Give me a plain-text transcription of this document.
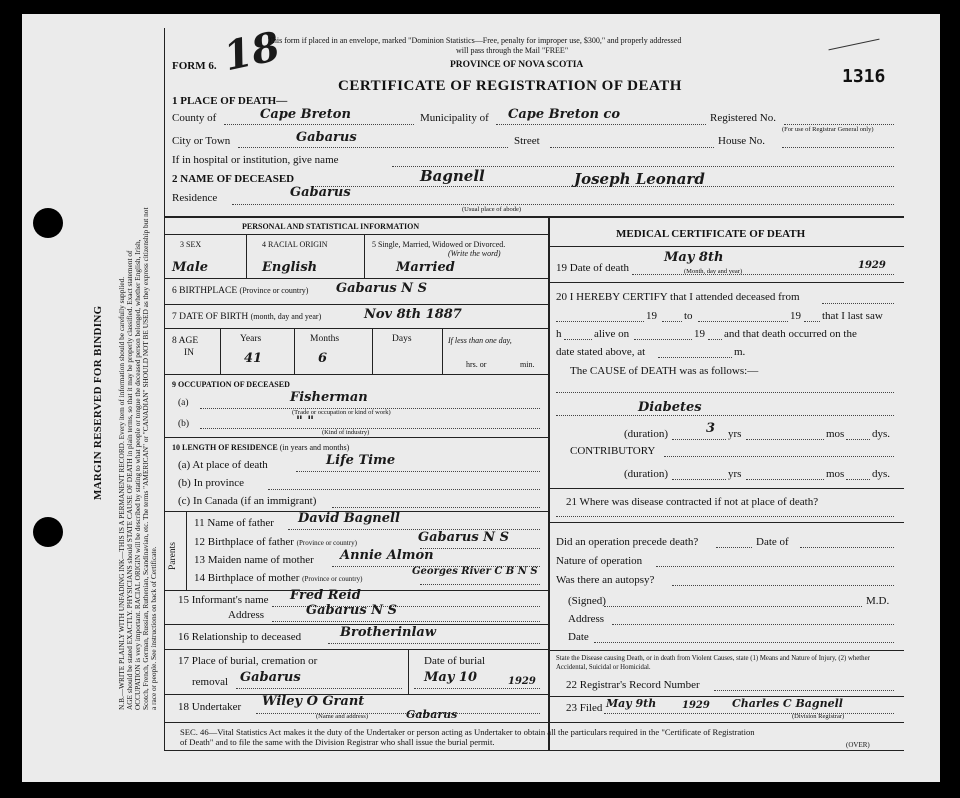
MARGIN RESERVED FOR BINDING N.B.—WRITE PLAINLY WITH UNFADING INK—THIS IS A PERMANENT RECORD. Every item of information should be carefully supplied. AGE should be stated EXACTLY. PHYSICIANS should STATE CAUSE OF DEATH in plain terms, so that it may be properly classified. Exact statement of OCCUPATION is very important. RACIAL ORIGIN will be described by stating to what people or tongue the deceased person belonged, whether English, Irish, Scotch, French, German, Russian, Ruthenian, Scandinavian, etc. The terms "AMERICAN" or "CANADIAN" SHOULD NOT BE USED as they express citizenship but not a race or people. See instructions on back of Certificate.
FORM 6. 18
This form if placed in an envelope, marked "Dominion Statistics—Free, penalty for improper use, $300," and properly addressed
will pass through the Mail "FREE"
PROVINCE OF NOVA SCOTIA
CERTIFICATE OF REGISTRATION OF DEATH	1316
1 PLACE OF DEATH—
County of	Cape Breton	Municipality of Cape Breton co	Registered No.
(For use of Registrar General only)
City or Town	Gabarus	Street	House No.
If in hospital or institution, give name
2 NAME OF DECEASED	Bagnell	Joseph Leonard
Residence	Gabarus
(Usual place of abode)
PERSONAL AND STATISTICAL INFORMATION
3 SEX	4 RACIAL ORIGIN	5 Single, Married, Widowed or Divorced.
(Write the word)
Male	English	Married
6 BIRTHPLACE (Province or country) Gabarus N S
7 DATE OF BIRTH (month, day and year)	Nov 8th 1887
8 AGE
IN
Years	Months	Days	If less than one day,
hrs. or	min.
41	6
9 OCCUPATION OF DECEASED
(a)	Fisherman
(Trade or occupation or kind of work)
(b)	" "
(Kind of industry)
10 LENGTH OF RESIDENCE (in years and months)
(a) At place of death	Life Time
(b) In province
(c) In Canada (if an immigrant)
Parents
11 Name of father David Bagnell
12 Birthplace of father (Province or country)	Gabarus N S
13 Maiden name of mother Annie Almon
14 Birthplace of mother (Province or country)
Georges River C B N S
15 Informant's name Fred Reid
Address	Gabarus N S
16 Relationship to deceased	Brotherinlaw
17 Place of burial, cremation or
removal Gabarus
Date of burial
May 10	1929
18 Undertaker Wiley O Grant
(Name and address)	Gabarus
MEDICAL CERTIFICATE OF DEATH
19 Date of death
May 8th
(Month, day and year)
1929
20 I HEREBY CERTIFY that I attended deceased from
19 to	19 that I last saw
h	alive on	19 and that death occurred on the
date stated above, at	m.
The CAUSE of DEATH was as follows:—
Diabetes
(duration)	3 yrs	mos	dys.
CONTRIBUTORY
(duration)	yrs	mos	dys.
21 Where was disease contracted if not at place of death?
Did an operation precede death?	Date of
Nature of operation
Was there an autopsy?
(Signed)	M.D.
Address
Date
State the Disease causing Death, or in death from Violent Causes, state (1) Means and Nature of Injury, (2) whether Accidental, Suicidal or Homicidal.
22 Registrar's Record Number
23 Filed May 9th	1929 Charles C Bagnell
(Division Registrar)
SEC. 46—Vital Statistics Act makes it the duty of the Undertaker or person acting as Undertaker to obtain all the particulars required in the "Certificate of Registration
of Death" and to file the same with the Division Registrar who shall issue the burial permit.	(OVER)
